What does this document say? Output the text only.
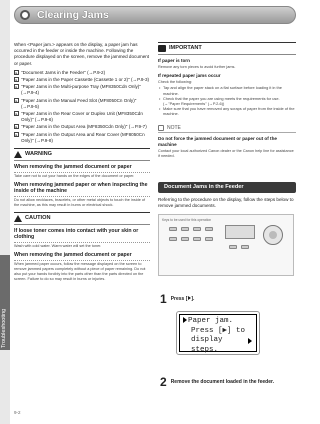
Clearing Jams
When <Paper jam.> appears on the display, a paper jam has occurred in the feeder or inside the machine. Following the procedure displayed on the screen, remove the jammed document or paper.
▸ "Document Jams in the Feeder" (→P.9-2)
▸ "Paper Jams in the Paper Cassette (Cassette 1 or 2)" (→P.9-3)
▸ "Paper Jams in the Multi-purpose Tray (MF8350Cdn Only)" (→P.9-4)
▸ "Paper Jams in the Manual Feed Slot (MF8050Cn Only)" (→P.9-5)
▸ "Paper Jams in the Rear Cover or Duplex Unit (MF8350Cdn Only)" (→P.9-6)
▸ "Paper Jams in the Output Area (MF8350Cdn Only)" (→P.9-7)
▸ "Paper Jams in the Output Area and Rear Cover (MF8050Cn Only)" (→P.9-8)
WARNING
When removing the jammed document or paper
Take care not to cut your hands on the edges of the document or paper.
When removing jammed paper or when inspecting the inside of the machine
Do not allow necklaces, bracelets, or other metal objects to touch the inside of the machine, as this may result in burns or electrical shock.
CAUTION
If loose toner comes into contact with your skin or clothing
Wash with cold water. Warm water will set the toner.
When removing the jammed document or paper
When jammed paper occurs, follow the message displayed on the screen to remove jammed papers completely without a piece of paper remaining. Do not also put your hands forcibly into the parts other than the parts directed on the screen. Failure to do so may result in burns or injuries.
IMPORTANT
If paper is torn
Remove any torn pieces to avoid further jams.
If repeated paper jams occur
Check the following:
• Tap and align the paper stack on a flat surface before loading it in the machine.
• Check that the paper you are using meets the requirements for use. (→"Paper Requirements" (→P.2-6))
• Make sure that you have removed any scraps of paper from the inside of the machine.
NOTE
Do not force the jammed document or paper out of the machine
Contact your local authorized Canon dealer or the Canon help line for assistance if needed.
Document Jams in the Feeder
Referring to the procedure on the display, follow the steps below to remove jammed documents.
Keys to be used for this operation
1 Press [ ].
Paper jam.
Press [▶] to
display steps.
2 Remove the document loaded in the feeder.
9-2
